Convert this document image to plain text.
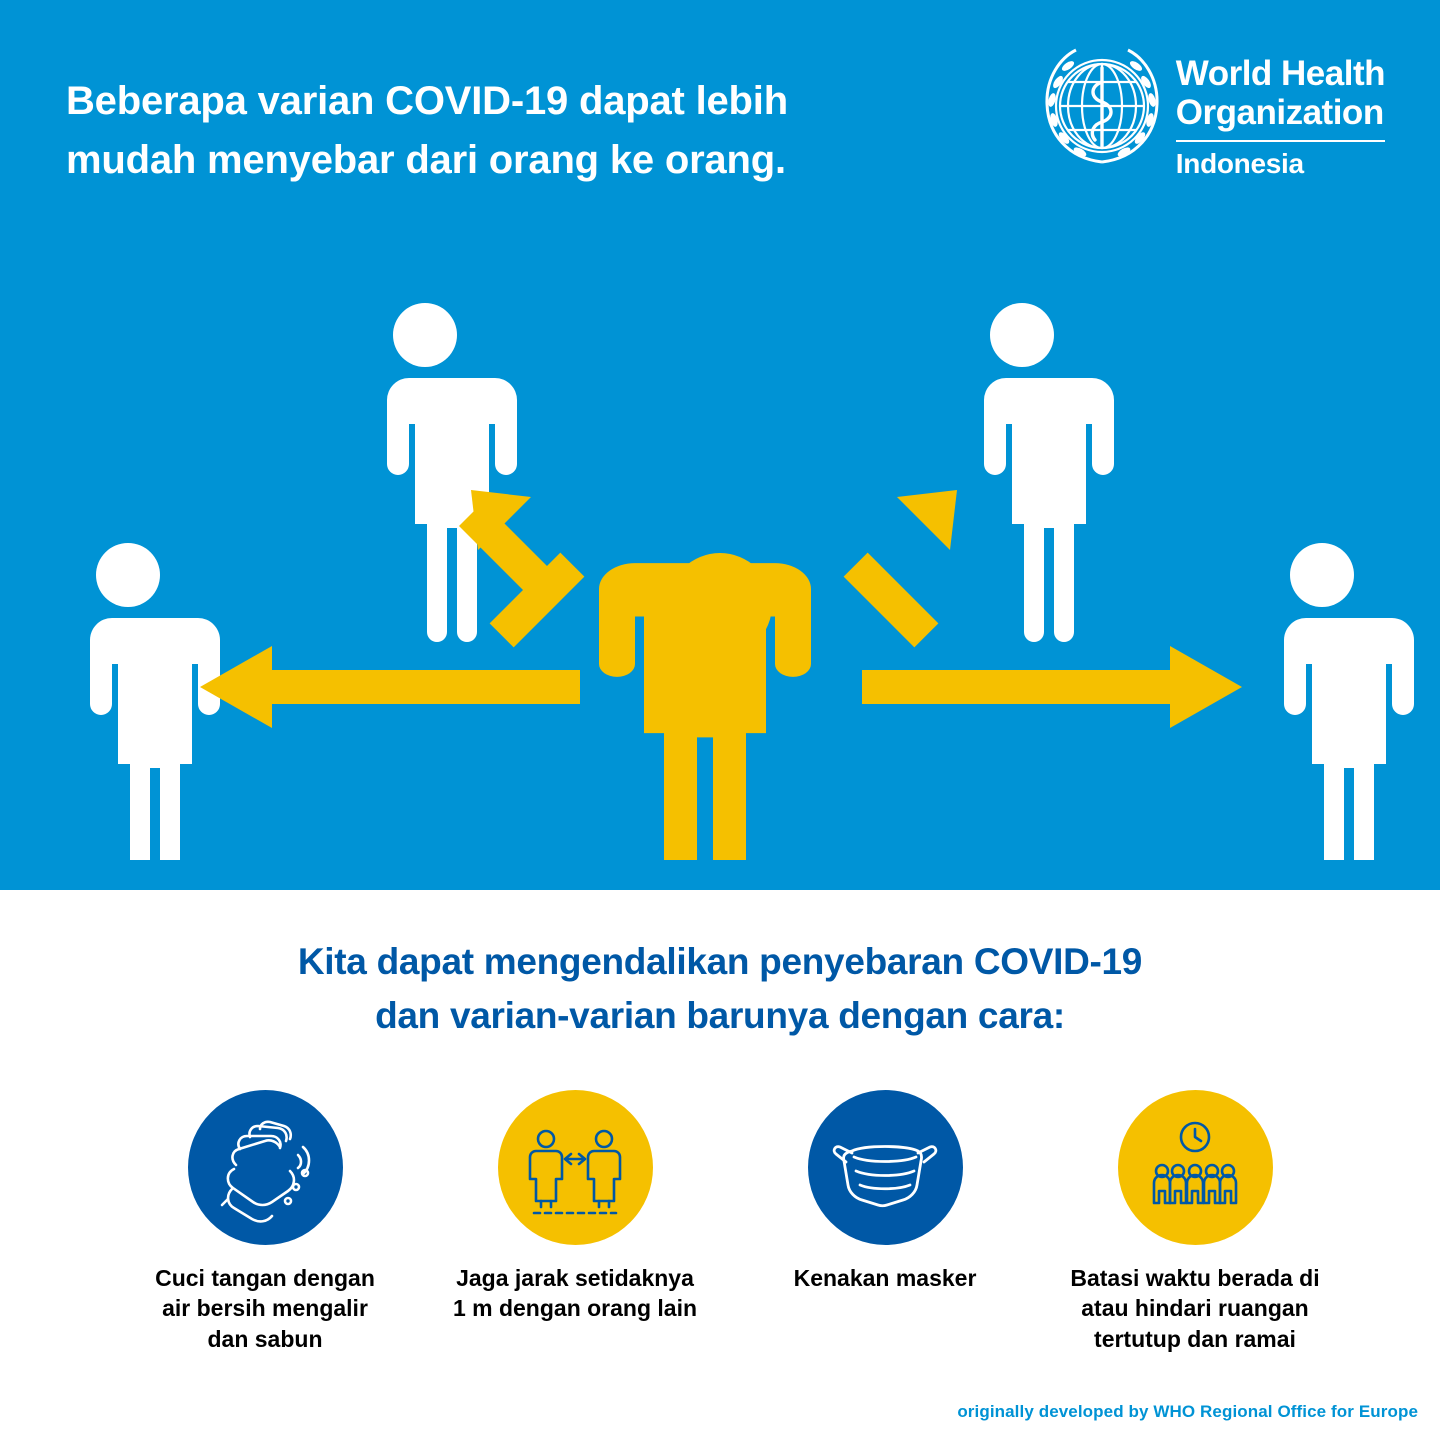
Beberapa varian COVID-19 dapat lebih mudah menyebar dari orang ke orang.
World Health
Organization
Indonesia
Kita dapat mengendalikan penyebaran COVID-19
dan varian-varian barunya dengan cara:
Cuci tangan dengan air bersih mengalir dan sabun
Jaga jarak setidaknya 1 m dengan orang lain
Kenakan masker	Batasi waktu berada di atau hindari ruangan tertutup dan ramai
originally developed by WHO Regional Office for Europe
